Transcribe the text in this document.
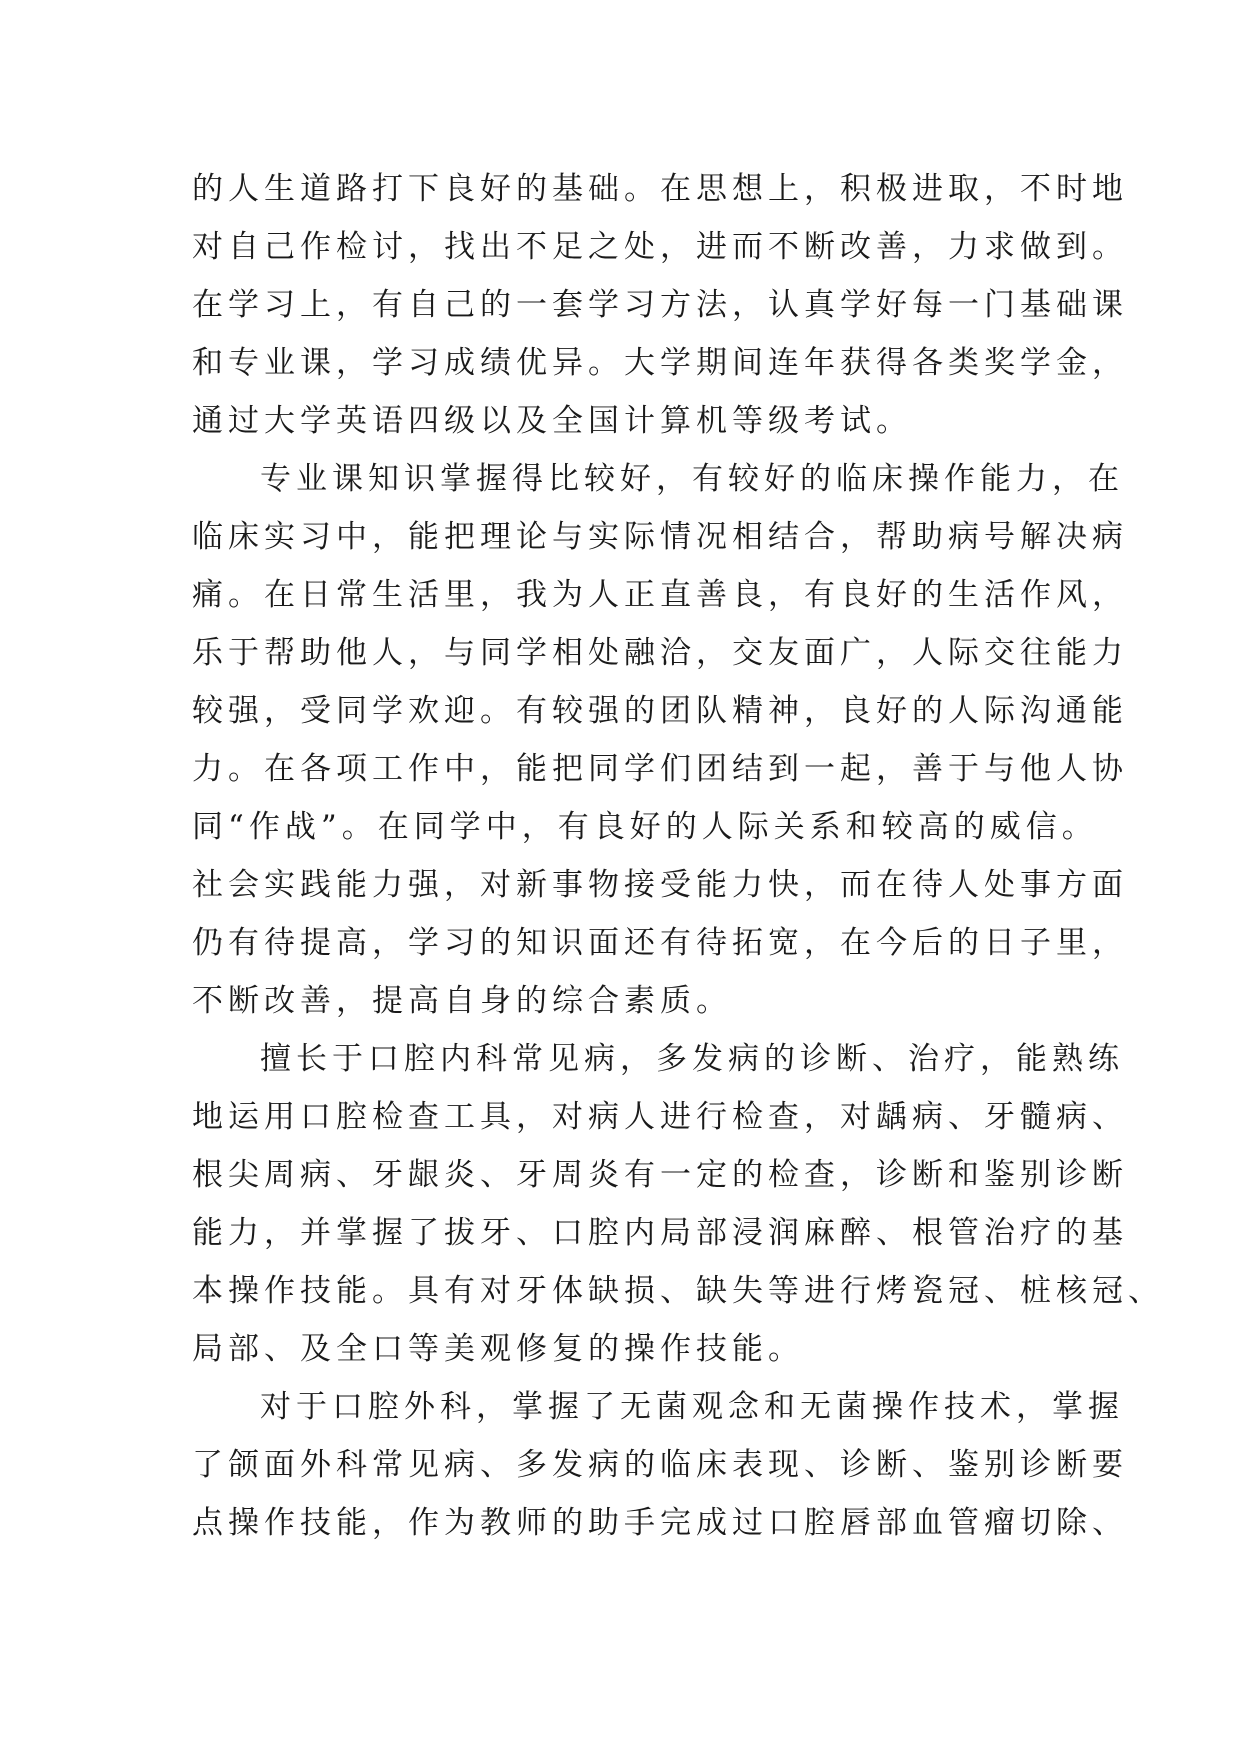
的人生道路打下良好的基础。在思想上，积极进取，不时地
对自己作检讨，找出不足之处，进而不断改善，力求做到。
在学习上，有自己的一套学习方法，认真学好每一门基础课
和专业课，学习成绩优异。大学期间连年获得各类奖学金，
通过大学英语四级以及全国计算机等级考试。
专业课知识掌握得比较好，有较好的临床操作能力，在
临床实习中，能把理论与实际情况相结合，帮助病号解决病
痛。在日常生活里，我为人正直善良，有良好的生活作风，
乐于帮助他人，与同学相处融洽，交友面广，人际交往能力
较强，受同学欢迎。有较强的团队精神，良好的人际沟通能
力。在各项工作中，能把同学们团结到一起，善于与他人协
同“作战”。在同学中，有良好的人际关系和较高的威信。
社会实践能力强，对新事物接受能力快，而在待人处事方面
仍有待提高，学习的知识面还有待拓宽，在今后的日子里，
不断改善，提高自身的综合素质。
擅长于口腔内科常见病，多发病的诊断、治疗，能熟练
地运用口腔检查工具，对病人进行检查，对龋病、牙髓病、
根尖周病、牙龈炎、牙周炎有一定的检查，诊断和鉴别诊断
能力，并掌握了拔牙、口腔内局部浸润麻醉、根管治疗的基
本操作技能。具有对牙体缺损、缺失等进行烤瓷冠、桩核冠、
局部、及全口等美观修复的操作技能。
对于口腔外科，掌握了无菌观念和无菌操作技术，掌握
了颌面外科常见病、多发病的临床表现、诊断、鉴别诊断要
点操作技能，作为教师的助手完成过口腔唇部血管瘤切除、
